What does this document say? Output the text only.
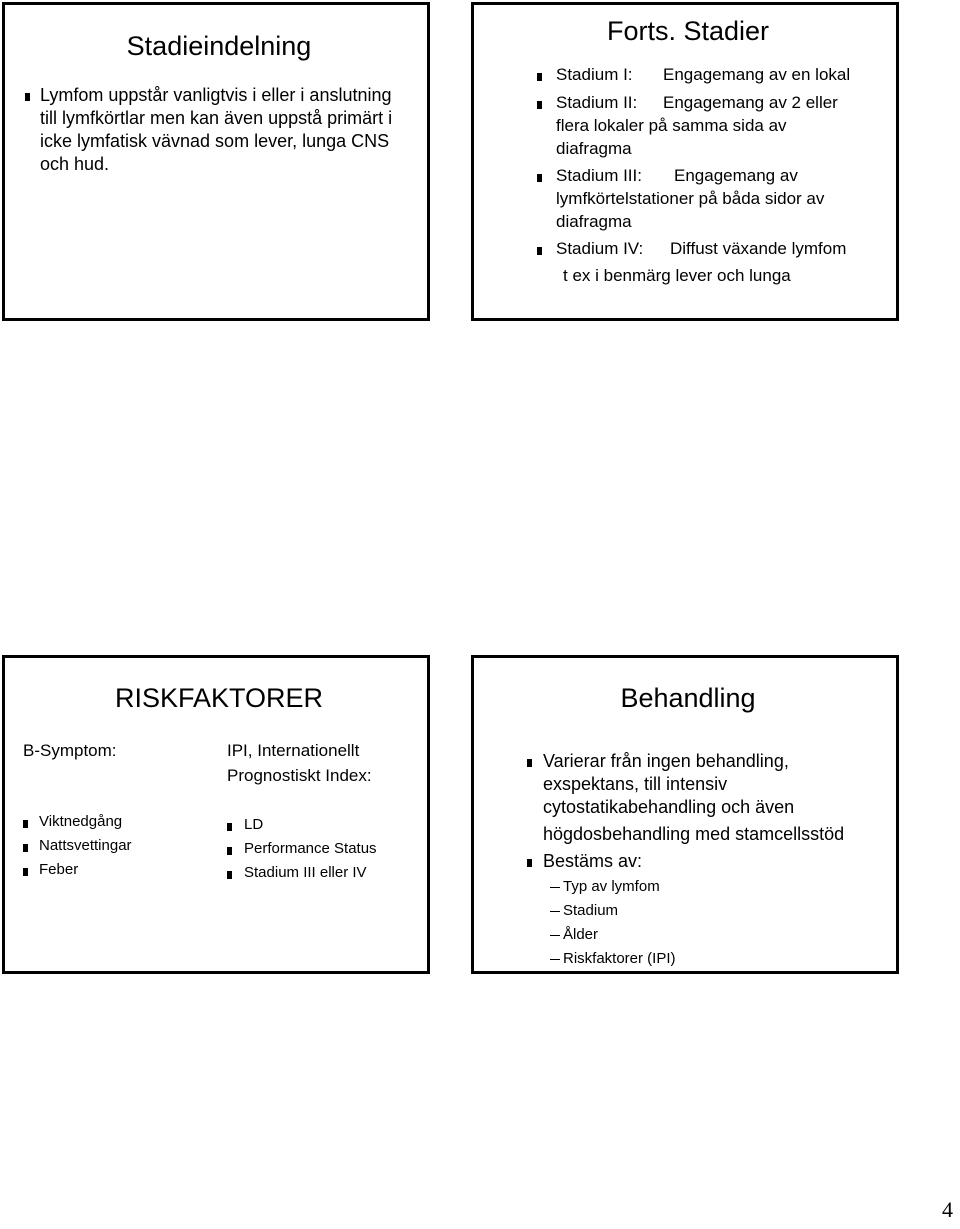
Stadieindelning
Lymfom uppstår vanligtvis i eller i anslutning
till lymfkörtlar men kan även uppstå primärt i
icke lymfatisk vävnad som lever, lunga CNS
och hud.
Forts. Stadier
Stadium I: Engagemang av en lokal
Stadium II: Engagemang av 2 eller
flera lokaler på samma sida av
diafragma
Stadium III: Engagemang av
lymfkörtelstationer på båda sidor av
diafragma
Stadium IV: Diffust växande lymfom
t ex i benmärg lever och lunga
RISKFAKTORER
B-Symptom:
Viktnedgång
Nattsvettingar
Feber
IPI, Internationellt
Prognostiskt Index:
LD
Performance Status
Stadium III eller IV
Behandling
Varierar från ingen behandling,
exspektans, till intensiv
cytostatikabehandling och även
högdosbehandling med stamcellsstöd
Bestäms av:
Typ av lymfom
Stadium
Ålder
Riskfaktorer (IPI)
4
